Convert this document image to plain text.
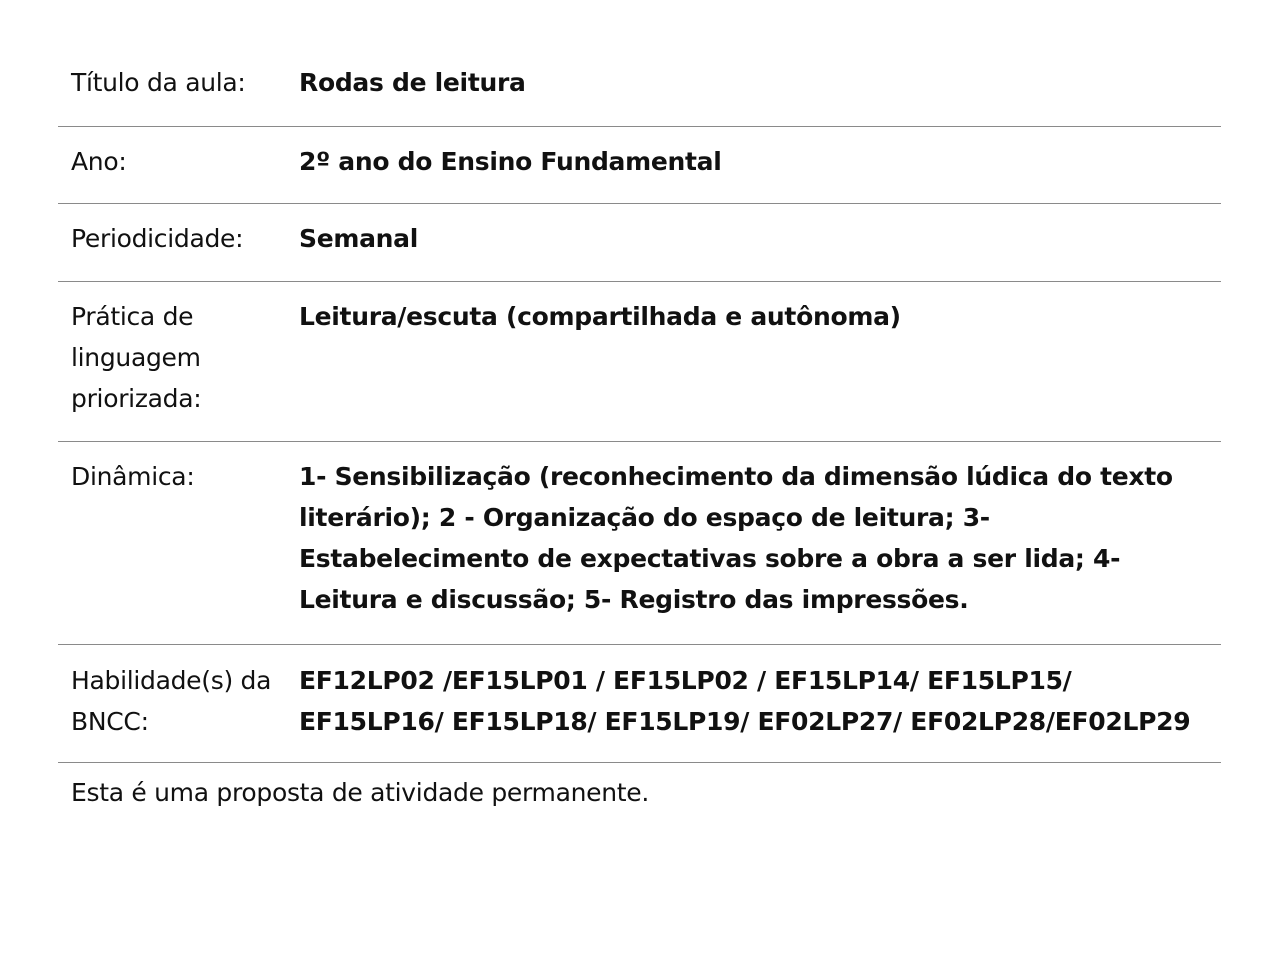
Título da aula:	Rodas de leitura
Ano:	2º ano do Ensino Fundamental
Periodicidade:	Semanal
Prática de linguagem priorizada:
Leitura/escuta (compartilhada e autônoma)
Dinâmica:	1- Sensibilização (reconhecimento da dimensão lúdica do texto literário); 2 - Organização do espaço de leitura; 3- Estabelecimento de expectativas sobre a obra a ser lida; 4- Leitura e discussão; 5- Registro das impressões.
Habilidade(s) da BNCC:
EF12LP02 /EF15LP01 / EF15LP02 / EF15LP14/ EF15LP15/ EF15LP16/ EF15LP18/ EF15LP19/ EF02LP27/ EF02LP28/EF02LP29
Esta é uma proposta de atividade permanente.
